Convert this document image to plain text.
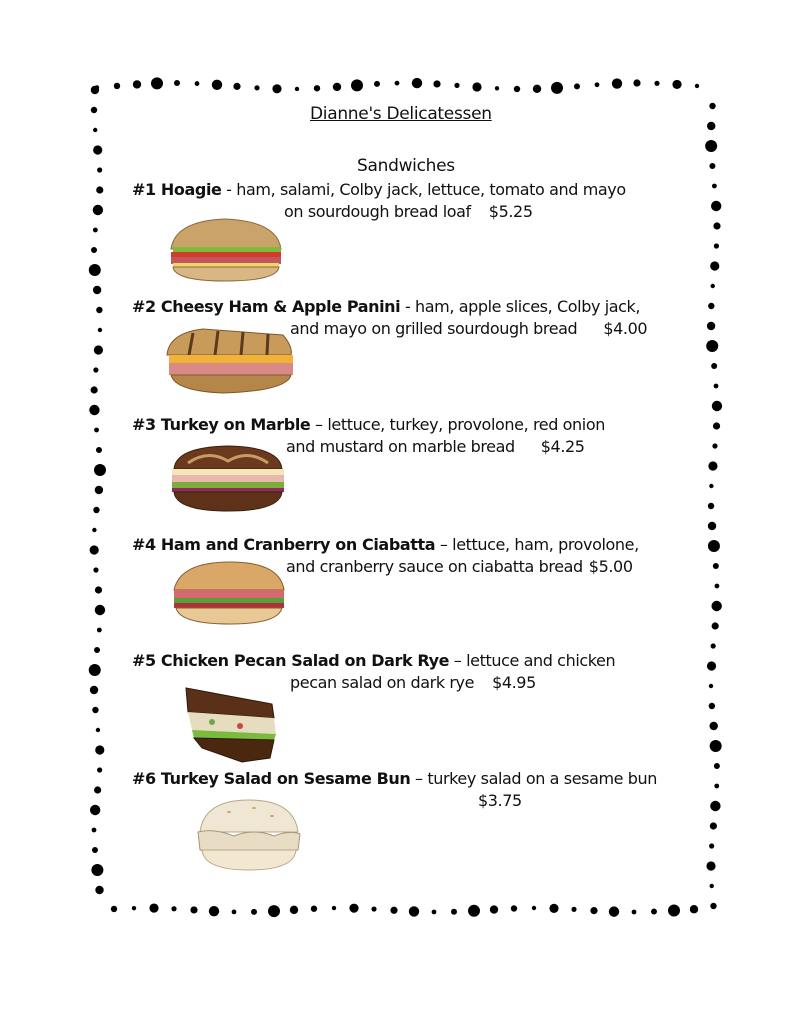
Dianne's Delicatessen
Sandwiches
#1 Hoagie - ham, salami, Colby jack, lettuce, tomato and mayo
on sourdough bread loaf $5.25
#2 Cheesy Ham & Apple Panini - ham, apple slices, Colby jack,
and mayo on grilled sourdough bread $4.00
#3 Turkey on Marble – lettuce, turkey, provolone, red onion
and mustard on marble bread $4.25
#4 Ham and Cranberry on Ciabatta – lettuce, ham, provolone,
and cranberry sauce on ciabatta bread $5.00
#5 Chicken Pecan Salad on Dark Rye – lettuce and chicken
pecan salad on dark rye $4.95
#6 Turkey Salad on Sesame Bun – turkey salad on a sesame bun
$3.75
